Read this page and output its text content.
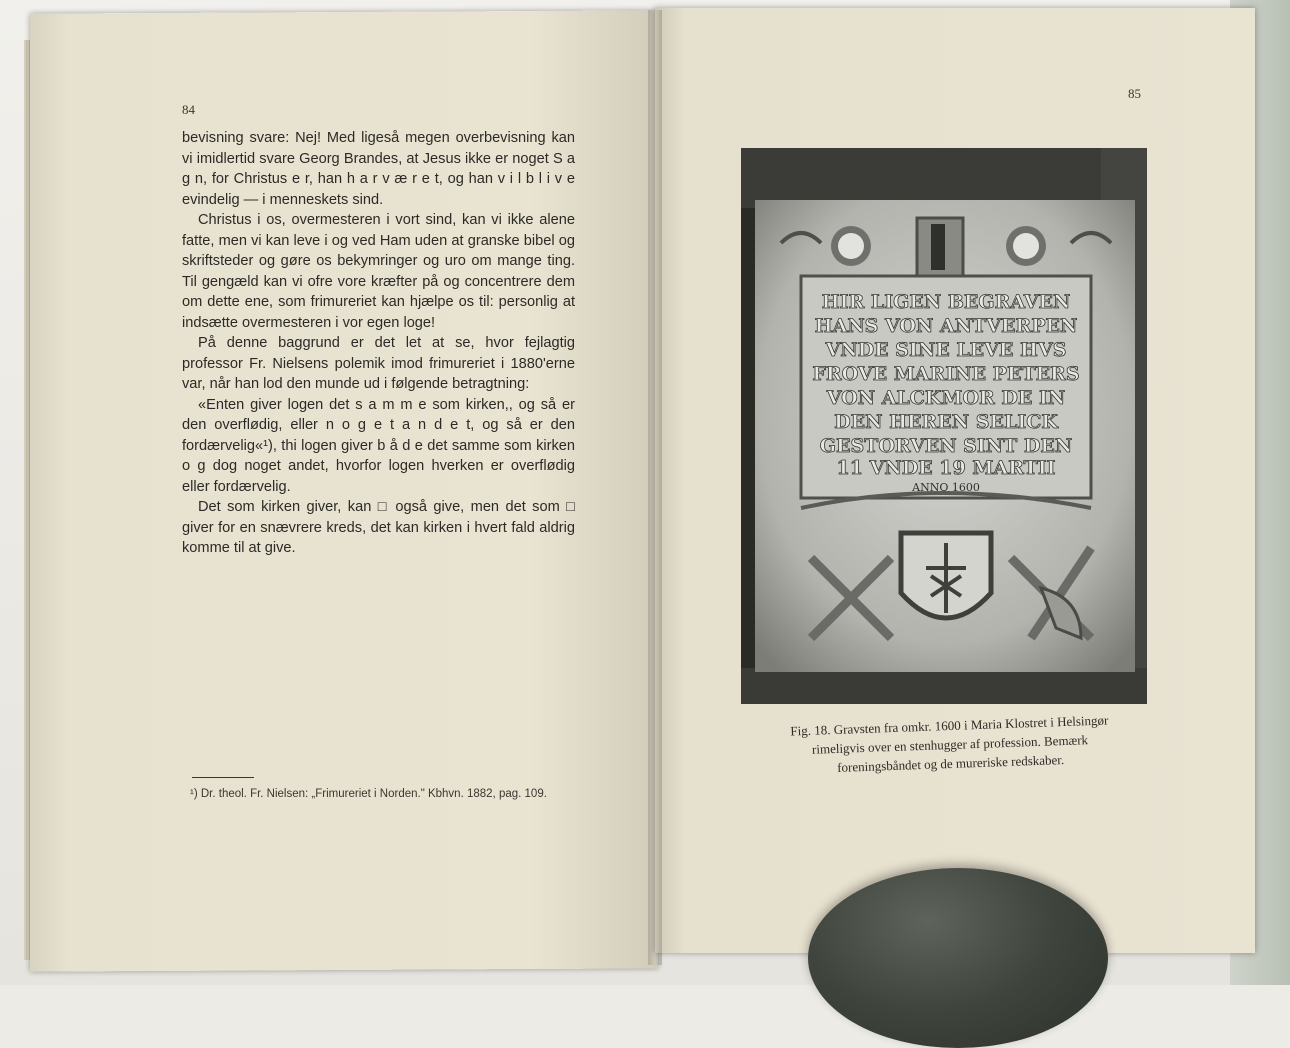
84

bevisning svare: Nej! Med ligeså megen overbevisning kan vi imidlertid svare Georg Brandes, at Jesus ikke er noget S a g n, for Christus e r, han h a r v æ r e t, og han v i l b l i v e evindelig — i menneskets sind.

Christus i os, overmesteren i vort sind, kan vi ikke alene fatte, men vi kan leve i og ved Ham uden at granske bibel og skriftsteder og gøre os bekymringer og uro om mange ting. Til gengæld kan vi ofre vore kræfter på og concentrere dem om dette ene, som frimureriet kan hjælpe os til: personlig at indsætte overmesteren i vor egen loge!

På denne baggrund er det let at se, hvor fejlagtig professor Fr. Nielsens polemik imod frimureriet i 1880'erne var, når han lod den munde ud i følgende betragtning:

«Enten giver logen det s a m m e som kirken,, og så er den overflødig, eller n o g e t a n d e t, og så er den fordærvelig«¹), thi logen giver b å d e det samme som kirken o g dog noget andet, hvorfor logen hverken er overflødig eller fordærvelig.

Det som kirken giver, kan □ også give, men det som □ giver for en snævrere kreds, det kan kirken i hvert fald aldrig komme til at give.

¹) Dr. theol. Fr. Nielsen: „Frimureriet i Norden." Kbhvn. 1882, pag. 109.
85
HIR LIGEN BEGRAVEN
HANS VON ANTVERPEN
VNDE SINE LEVE HVS
FROVE MARINE PETERS
VON ALCKMOR DE IN
DEN HEREN SELICK
GESTORVEN SINT DEN
11 VNDE 19 MARTII
ANNO 1600

Fig. 18. Gravsten fra omkr. 1600 i Maria Klostret i Helsingør

rimeligvis over en stenhugger af profession. Bemærk

foreningsbåndet og de mureriske redskaber.
